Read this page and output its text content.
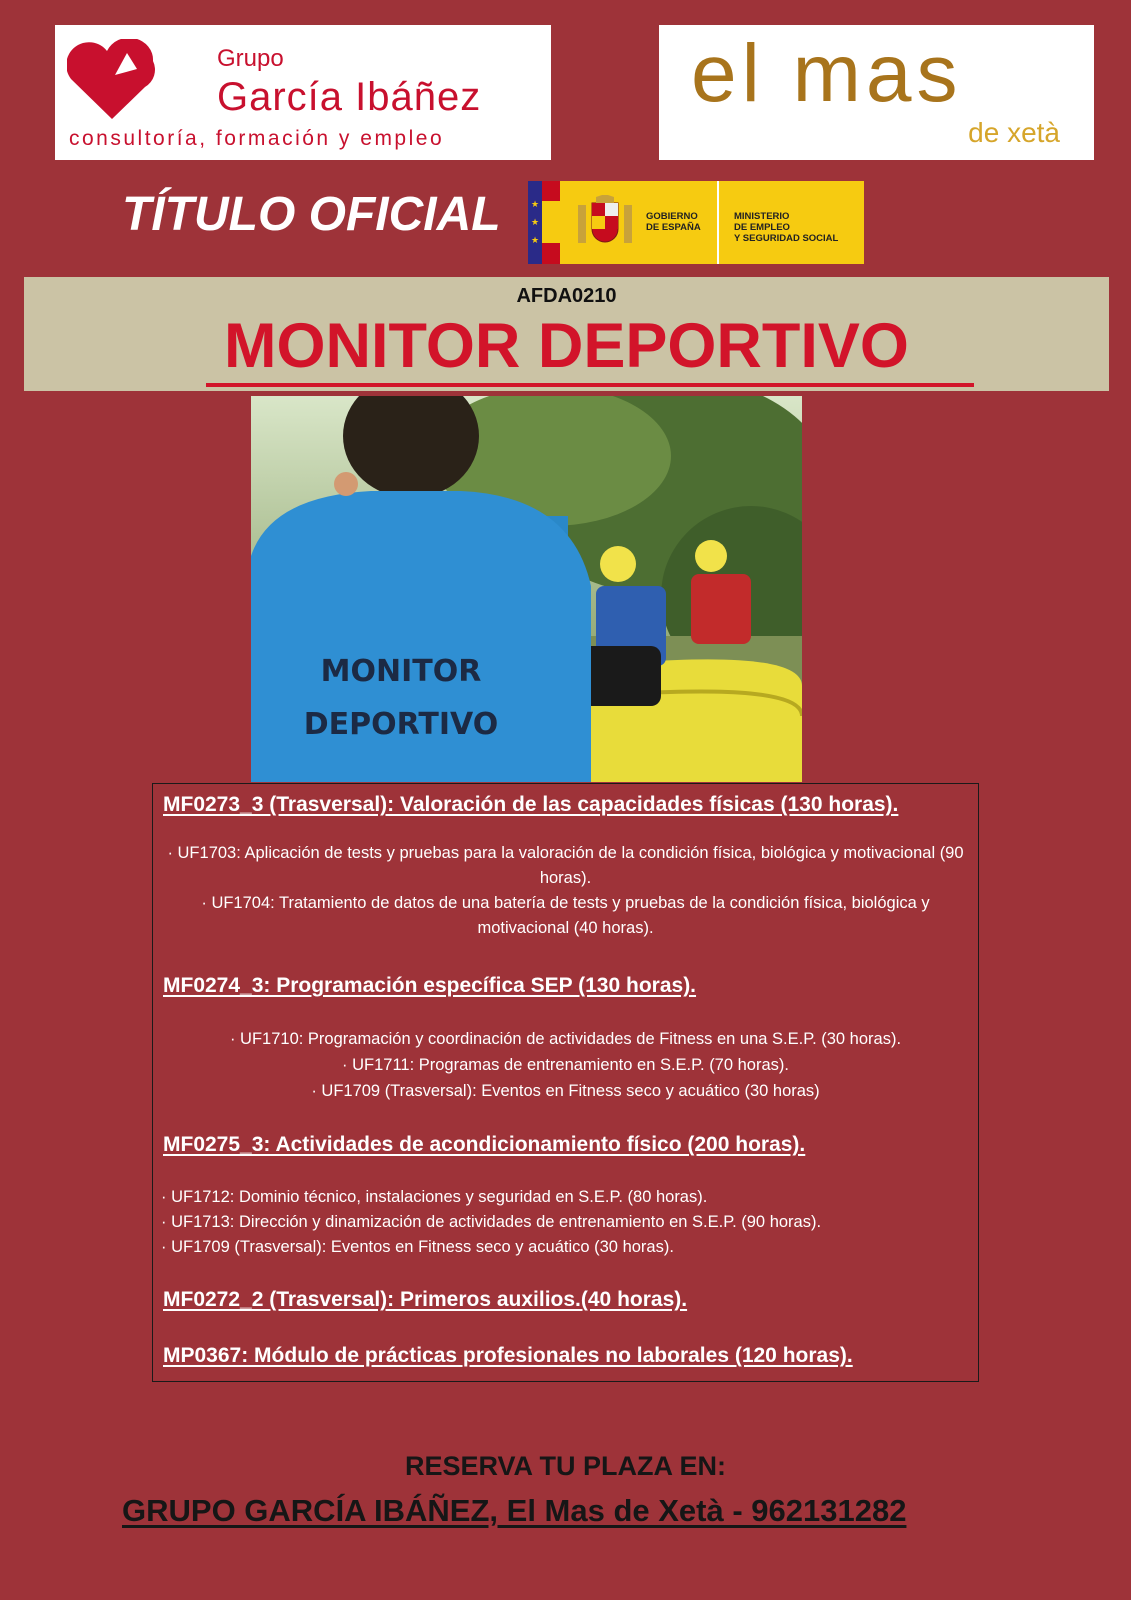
Grupo
García Ibáñez
consultoría, formación y empleo
el mas
de xetà
TÍTULO OFICIAL	★
★
★
GOBIERNO
DE ESPAÑA
MINISTERIO
DE EMPLEO
Y SEGURIDAD SOCIAL
AFDA0210
MONITOR DEPORTIVO
MONITOR
DEPORTIVO
MF0273_3 (Trasversal): Valoración de las capacidades físicas (130 horas).
· UF1703: Aplicación de tests y pruebas para la valoración de la condición física, biológica y motivacional (90 horas).
· UF1704: Tratamiento de datos de una batería de tests y pruebas de la condición física, biológica y motivacional (40 horas).
MF0274_3: Programación específica SEP (130 horas).
· UF1710: Programación y coordinación de actividades de Fitness en una S.E.P. (30 horas).
· UF1711: Programas de entrenamiento en S.E.P. (70 horas).
· UF1709 (Trasversal): Eventos en Fitness seco y acuático (30 horas)
MF0275_3: Actividades de acondicionamiento físico (200 horas).
· UF1712: Dominio técnico, instalaciones y seguridad en S.E.P. (80 horas).
· UF1713: Dirección y dinamización de actividades de entrenamiento en S.E.P. (90 horas).
· UF1709 (Trasversal): Eventos en Fitness seco y acuático (30 horas).
MF0272_2 (Trasversal): Primeros auxilios.(40 horas).
MP0367: Módulo de prácticas profesionales no laborales (120 horas).
RESERVA TU PLAZA EN:
GRUPO GARCÍA IBÁÑEZ, El Mas de Xetà - 962131282
